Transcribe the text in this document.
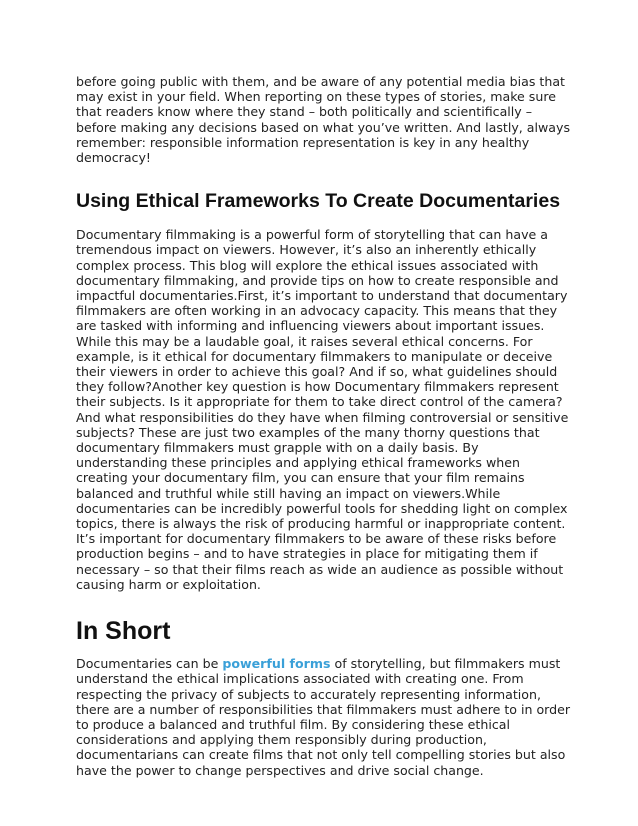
before going public with them, and be aware of any potential media bias that may exist in your field. When reporting on these types of stories, make sure that readers know where they stand – both politically and scientifically – before making any decisions based on what you’ve written. And lastly, always remember: responsible information representation is key in any healthy democracy!

Using Ethical Frameworks To Create Documentaries

Documentary filmmaking is a powerful form of storytelling that can have a tremendous impact on viewers. However, it’s also an inherently ethically complex process. This blog will explore the ethical issues associated with documentary filmmaking, and provide tips on how to create responsible and impactful documentaries.First, it’s important to understand that documentary filmmakers are often working in an advocacy capacity. This means that they are tasked with informing and influencing viewers about important issues. While this may be a laudable goal, it raises several ethical concerns. For example, is it ethical for documentary filmmakers to manipulate or deceive their viewers in order to achieve this goal? And if so, what guidelines should they follow?Another key question is how Documentary filmmakers represent their subjects. Is it appropriate for them to take direct control of the camera? And what responsibilities do they have when filming controversial or sensitive subjects? These are just two examples of the many thorny questions that documentary filmmakers must grapple with on a daily basis. By understanding these principles and applying ethical frameworks when creating your documentary film, you can ensure that your film remains balanced and truthful while still having an impact on viewers.While documentaries can be incredibly powerful tools for shedding light on complex topics, there is always the risk of producing harmful or inappropriate content. It’s important for documentary filmmakers to be aware of these risks before production begins – and to have strategies in place for mitigating them if necessary – so that their films reach as wide an audience as possible without causing harm or exploitation.

In Short

Documentaries can be powerful forms of storytelling, but filmmakers must understand the ethical implications associated with creating one. From respecting the privacy of subjects to accurately representing information, there are a number of responsibilities that filmmakers must adhere to in order to produce a balanced and truthful film. By considering these ethical considerations and applying them responsibly during production, documentarians can create films that not only tell compelling stories but also have the power to change perspectives and drive social change.
